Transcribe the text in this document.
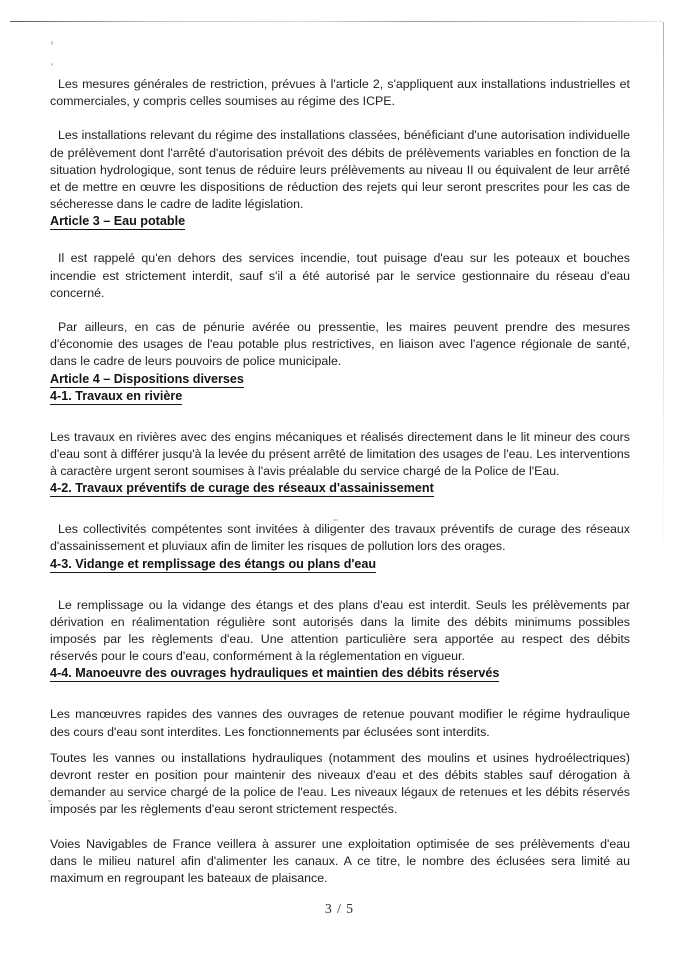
Les mesures générales de restriction, prévues à l'article 2, s'appliquent aux installations industrielles et commerciales, y compris celles soumises au régime des ICPE.

Les installations relevant du régime des installations classées, bénéficiant d'une autorisation individuelle de prélèvement dont l'arrêté d'autorisation prévoit des débits de prélèvements variables en fonction de la situation hydrologique, sont tenus de réduire leurs prélèvements au niveau II ou équivalent de leur arrêté et de mettre en œuvre les dispositions de réduction des rejets qui leur seront prescrites pour les cas de sécheresse dans le cadre de ladite législation.

Article 3 – Eau potable

Il est rappelé qu'en dehors des services incendie, tout puisage d'eau sur les poteaux et bouches incendie est strictement interdit, sauf s'il a été autorisé par le service gestionnaire du réseau d'eau concerné.

Par ailleurs, en cas de pénurie avérée ou pressentie, les maires peuvent prendre des mesures d'économie des usages de l'eau potable plus restrictives, en liaison avec l'agence régionale de santé, dans le cadre de leurs pouvoirs de police municipale.

Article 4 – Dispositions diverses
4-1. Travaux en rivière

Les travaux en rivières avec des engins mécaniques et réalisés directement dans le lit mineur des cours d'eau sont à différer jusqu'à la levée du présent arrêté de limitation des usages de l'eau. Les interventions à caractère urgent seront soumises à l'avis préalable du service chargé de la Police de l'Eau.

4-2. Travaux préventifs de curage des réseaux d'assainissement

Les collectivités compétentes sont invitées à diligenter des travaux préventifs de curage des réseaux d'assainissement et pluviaux afin de limiter les risques de pollution lors des orages.

4-3. Vidange et remplissage des étangs ou plans d'eau

Le remplissage ou la vidange des étangs et des plans d'eau est interdit. Seuls les prélèvements par dérivation en réalimentation régulière sont autorisés dans la limite des débits minimums possibles imposés par les règlements d'eau. Une attention particulière sera apportée au respect des débits réservés pour le cours d'eau, conformément à la réglementation en vigueur.

4-4. Manoeuvre des ouvrages hydrauliques et maintien des débits réservés

Les manœuvres rapides des vannes des ouvrages de retenue pouvant modifier le régime hydraulique des cours d'eau sont interdites. Les fonctionnements par éclusées sont interdits.

Toutes les vannes ou installations hydrauliques (notamment des moulins et usines hydroélectriques) devront rester en position pour maintenir des niveaux d'eau et des débits stables sauf dérogation à demander au service chargé de la police de l'eau. Les niveaux légaux de retenues et les débits réservés imposés par les règlements d'eau seront strictement respectés.

Voies Navigables de France veillera à assurer une exploitation optimisée de ses prélèvements d'eau dans le milieu naturel afin d'alimenter les canaux. A ce titre, le nombre des éclusées sera limité au maximum en regroupant les bateaux de plaisance.

3 / 5
